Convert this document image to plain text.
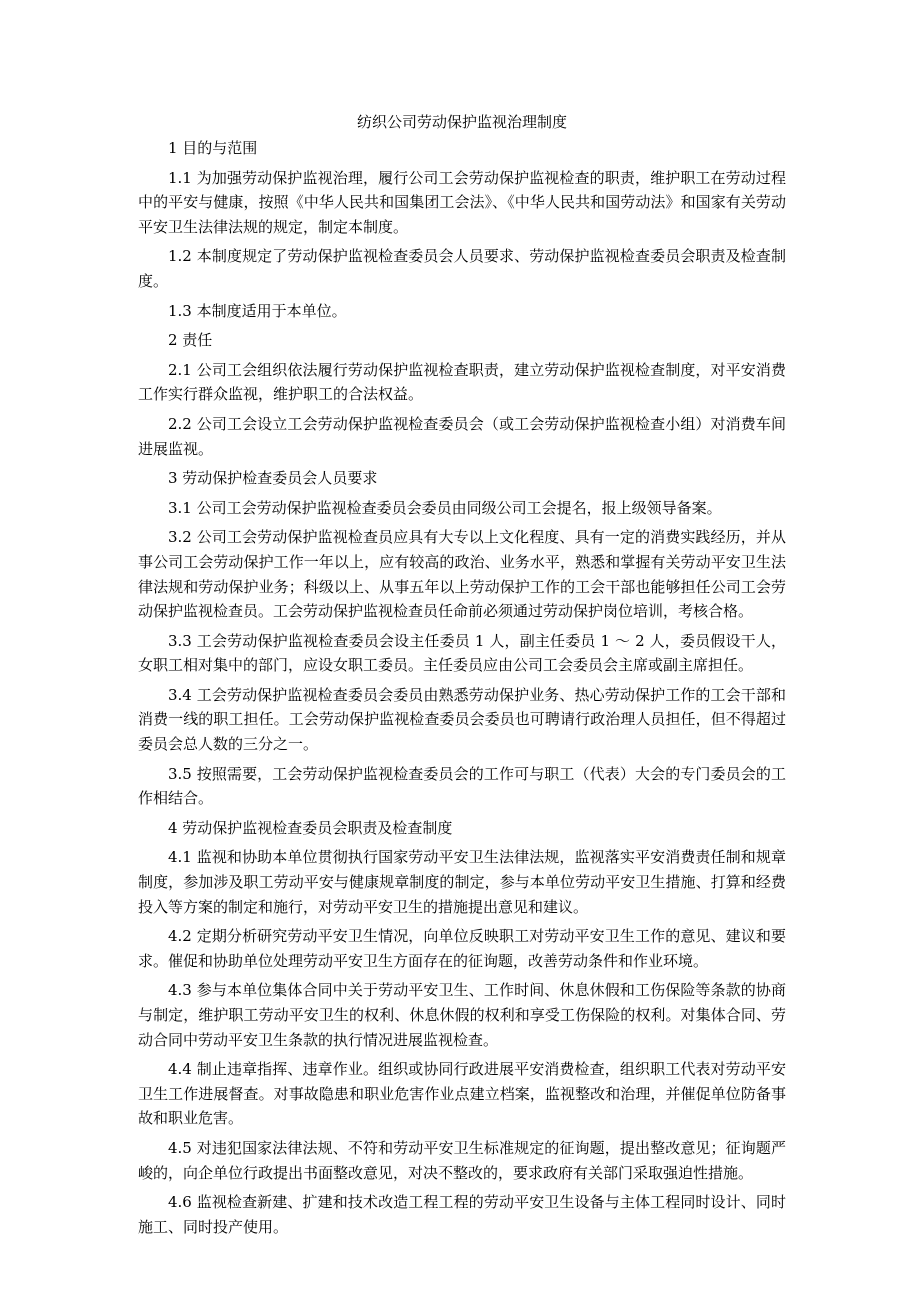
纺织公司劳动保护监视治理制度

1 目的与范围

1.1 为加强劳动保护监视治理，履行公司工会劳动保护监视检查的职责，维护职工在劳动过程中的平安与健康，按照《中华人民共和国集团工会法》、《中华人民共和国劳动法》和国家有关劳动平安卫生法律法规的规定，制定本制度。

1.2 本制度规定了劳动保护监视检查委员会人员要求、劳动保护监视检查委员会职责及检查制度。

1.3 本制度适用于本单位。

2 责任

2.1 公司工会组织依法履行劳动保护监视检查职责，建立劳动保护监视检查制度，对平安消费工作实行群众监视，维护职工的合法权益。

2.2 公司工会设立工会劳动保护监视检查委员会（或工会劳动保护监视检查小组）对消费车间进展监视。

3 劳动保护检查委员会人员要求

3.1 公司工会劳动保护监视检查委员会委员由同级公司工会提名，报上级领导备案。

3.2 公司工会劳动保护监视检查员应具有大专以上文化程度、具有一定的消费实践经历，并从事公司工会劳动保护工作一年以上，应有较高的政治、业务水平，熟悉和掌握有关劳动平安卫生法律法规和劳动保护业务；科级以上、从事五年以上劳动保护工作的工会干部也能够担任公司工会劳动保护监视检查员。工会劳动保护监视检查员任命前必须通过劳动保护岗位培训，考核合格。

3.3 工会劳动保护监视检查委员会设主任委员 1 人，副主任委员 1 ～ 2 人，委员假设干人，女职工相对集中的部门，应设女职工委员。主任委员应由公司工会委员会主席或副主席担任。

3.4 工会劳动保护监视检查委员会委员由熟悉劳动保护业务、热心劳动保护工作的工会干部和消费一线的职工担任。工会劳动保护监视检查委员会委员也可聘请行政治理人员担任，但不得超过委员会总人数的三分之一。

3.5 按照需要，工会劳动保护监视检查委员会的工作可与职工（代表）大会的专门委员会的工作相结合。

4 劳动保护监视检查委员会职责及检查制度

4.1 监视和协助本单位贯彻执行国家劳动平安卫生法律法规，监视落实平安消费责任制和规章制度，参加涉及职工劳动平安与健康规章制度的制定，参与本单位劳动平安卫生措施、打算和经费投入等方案的制定和施行，对劳动平安卫生的措施提出意见和建议。

4.2 定期分析研究劳动平安卫生情况，向单位反映职工对劳动平安卫生工作的意见、建议和要求。催促和协助单位处理劳动平安卫生方面存在的征询题，改善劳动条件和作业环境。

4.3 参与本单位集体合同中关于劳动平安卫生、工作时间、休息休假和工伤保险等条款的协商与制定，维护职工劳动平安卫生的权利、休息休假的权利和享受工伤保险的权利。对集体合同、劳动合同中劳动平安卫生条款的执行情况进展监视检查。

4.4 制止违章指挥、违章作业。组织或协同行政进展平安消费检查，组织职工代表对劳动平安卫生工作进展督查。对事故隐患和职业危害作业点建立档案，监视整改和治理，并催促单位防备事故和职业危害。

4.5 对违犯国家法律法规、不符和劳动平安卫生标准规定的征询题，提出整改意见；征询题严峻的，向企单位行政提出书面整改意见，对决不整改的，要求政府有关部门采取强迫性措施。

4.6 监视检查新建、扩建和技术改造工程工程的劳动平安卫生设备与主体工程同时设计、同时施工、同时投产使用。
